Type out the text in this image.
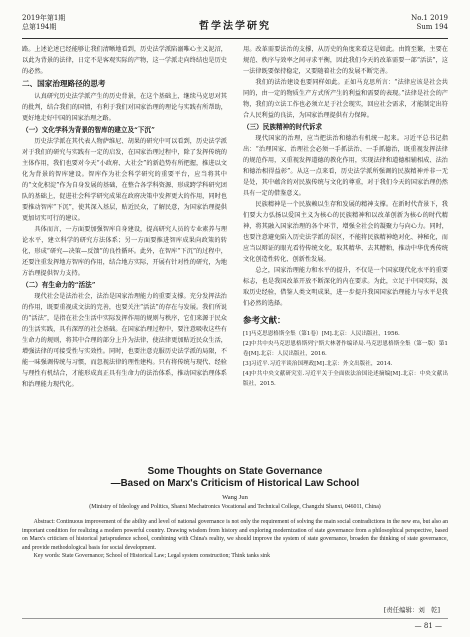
2019年第1期
总第194期	哲学法学研究
No.1 2019
Sum 194

路。上述论述已经能够让我们清晰地看到，历史法学派陷溺唯心主义泥沼，以此为背景的法律，日定不是客观实际的产物，这一学派走向终结也是历史的必然。

二、国家治理路径的思考

认真研究历史法学派产生的历史背景，在这个基础上，继续马克思对其的批判，结合我们的国情，有利于我们对国家治理的理论与实践有所帮助，更好地走好中国的国家治理之路。

（一）文化学科为背景的智库的建立及“下沉”

历史法学派在其代表人物萨维尼、胡果的研究中可以看到，历史法学派对于我们的研究与实践有一定的启发，在国家治理过程中，除了发挥传统的主体作用，我们也要对今天“小政府、大社会”的新趋势有所把握，推进以文化为背景的智库建设。智库作为社会科学研究的重要平台，应当将其中的“文化积淀”作为自身发展的基础，在整合各学科资源、形成跨学科研究团队的基础上，促进社会科学研究成果在政府决策中发挥更大的作用，同时也要推动智库“下沉”，使其深入基层，贴近民众，了解民意，为国家治理提供更加切实可行的建议。

具体而言，一方面要加强智库自身建设，提高研究人员的专业素养与理论水平，建立科学的研究方法体系；另一方面要推进智库成果向政策的转化，形成“研究—决策—反馈”的良性循环。此外，在智库“下沉”的过程中，还要注重发挥地方智库的作用，结合地方实际，开展有针对性的研究，为地方治理提供智力支持。

（二）有生命力的“活法”

现代社会是法治社会，法治是国家治理能力的重要支撑。充分发挥法治的作用，既要重视成文法的完善，也要关注“活法”的存在与发展。我们所说的“活法”，是指在社会生活中实际发挥作用的规则与秩序，它们来源于民众的生活实践，具有深厚的社会基础。在国家治理过程中，要注意吸收这些有生命力的规则，将其中合理的部分上升为法律，使法律更加贴近民众生活，增强法律的可接受性与实效性。同时，也要注意克服历史法学派的局限，不能一味强调传统与习惯，而忽视法律的理性建构。只有将传统与现代、经验与理性有机结合，才能形成真正具有生命力的法治体系，推动国家治理体系和治理能力现代化。

用。改革需要法治的支撑，从历史的角度来看这是如此。由简至繁，主要在规范、秩序与效率之间寻求平衡，因此我们今天的改革需要一部“活法”，这一法律既要保持稳定，又要随着社会的发展不断完善。

我们的法治建设也要同样如此。正如马克思所言：“法律应该是社会共同的，由一定的物质生产方式所产生的利益和需要的表现。”法律是社会的产物，我们的立法工作也必须立足于社会现实，回应社会需求，才能制定出符合人民利益的良法，为国家治理提供有力保障。

（三）民族精神的时代诉求

现代国家的治理，应当把法治和德治有机统一起来。习近平总书记指出：“治理国家、治理社会必须一手抓法治、一手抓德治，既重视发挥法律的规范作用，又重视发挥道德的教化作用，实现法律和道德相辅相成、法治和德治相得益彰”。从这一点来看，历史法学派所强调的民族精神并非一无是处，其中蕴含的对民族传统与文化的尊重，对于我们今天的国家治理仍然具有一定的借鉴意义。

民族精神是一个民族赖以生存和发展的精神支撑。在新时代背景下，我们要大力弘扬以爱国主义为核心的民族精神和以改革创新为核心的时代精神，将其融入国家治理的各个环节，增强全社会的凝聚力与向心力。同时，也要注意避免陷入历史法学派的误区，不能将民族精神绝对化、神秘化，而应当以辩证的眼光看待传统文化，取其精华、去其糟粕，推动中华优秀传统文化创造性转化、创新性发展。

总之，国家治理能力和水平的提升，不仅是一个国家现代化水平的重要标志，也是我国改革开放不断深化的内在要求。为此，立足于中国实际，汲取历史经验，借鉴人类文明成果，进一步提升我国国家治理能力与水平是我们必然的选择。

参考文献：

[1]马克思恩格斯全集（第1卷）[M].北京：人民出版社，1956.

[2]中共中央马克思恩格斯列宁斯大林著作编译局.马克思恩格斯全集（第一版）第1卷[M].北京：人民出版社，2016.

[3]习近平.习近平谈治国理政[M].北京：外文出版社，2014.

[4]中共中央文献研究室.习近平关于全面依法治国论述摘编[M].北京：中央文献出版社，2015.

Some Thoughts on State Governance
—Based on Marx's Criticism of Historical Law School
Wang Jun
(Ministry of Ideology and Politics, Shanxi Mechatronics Vocational and Technical College, Changzhi Shanxi, 046011, China)
Abstract: Continuous improvement of the ability and level of national governance is not only the requirement of solving the main social contradictions in the new era, but also an important condition for realizing a modern powerful country. Drawing wisdom from history and exploring modernization of state governance from a philosophical perspective, based on Marx's criticism of historical jurisprudence school, combining with China's reality, we should improve the system of state governance, broaden the thinking of state governance, and provide methodological basis for social development.
Key words: State Governance; School of Historical Law; Legal system construction; Think tanks sink
[责任编辑：刘　乾]
— 81 —
